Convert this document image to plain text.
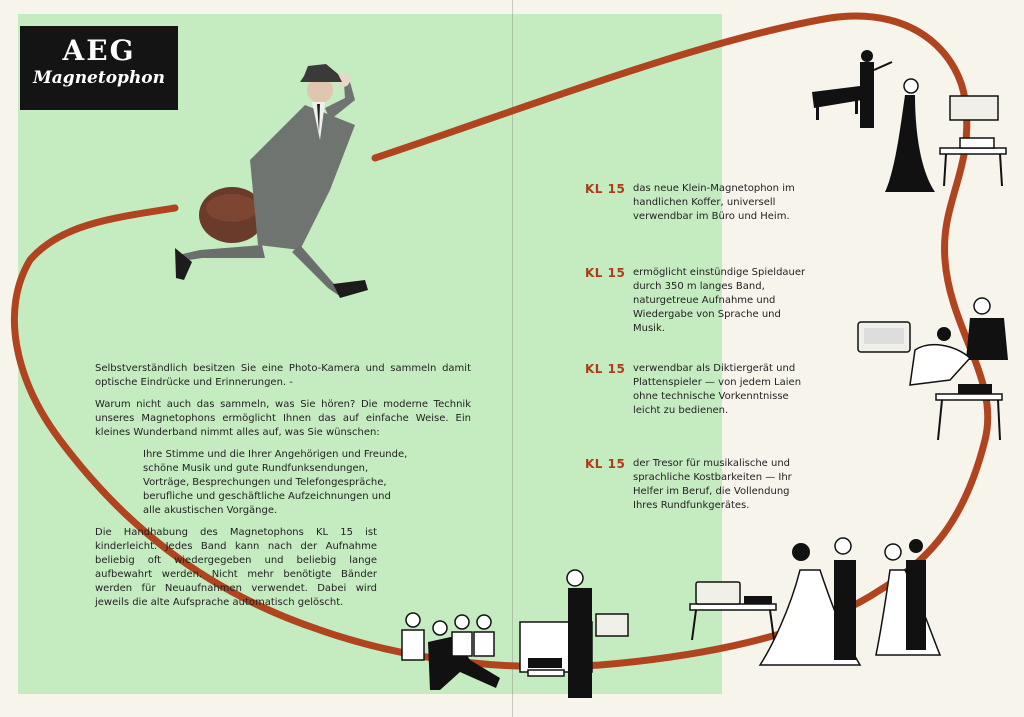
AEG
Magnetophon

Selbstverständlich besitzen Sie eine Photo-Kamera und sammeln damit optische Eindrücke und Erinnerungen. -

Warum nicht auch das sammeln, was Sie hören? Die moderne Technik unseres Magnetophons ermöglicht Ihnen das auf einfache Weise. Ein kleines Wunderband nimmt alles auf, was Sie wünschen:

Ihre Stimme und die Ihrer Angehörigen und Freunde,
schöne Musik und gute Rundfunksendungen,
Vorträge, Besprechungen und Telefongespräche,
berufliche und geschäftliche Aufzeichnungen und
alle akustischen Vorgänge.

Die Handhabung des Magnetophons KL 15 ist kinderleicht. Jedes Band kann nach der Aufnahme beliebig oft wiedergegeben und beliebig lange aufbewahrt werden. Nicht mehr benötigte Bänder werden für Neuaufnahmen verwendet. Dabei wird jeweils die alte Aufsprache automatisch gelöscht.

KL 15 das neue Klein-Magnetophon im handlichen Koffer, universell verwendbar im Büro und Heim.
KL 15 ermöglicht einstündige Spieldauer durch 350 m langes Band, naturgetreue Aufnahme und Wiedergabe von Sprache und Musik.
KL 15 verwendbar als Diktiergerät und Plattenspieler — von jedem Laien ohne technische Vorkenntnisse leicht zu bedienen.
KL 15 der Tresor für musikalische und sprachliche Kostbarkeiten — Ihr Helfer im Beruf, die Vollendung Ihres Rundfunkgerätes.
